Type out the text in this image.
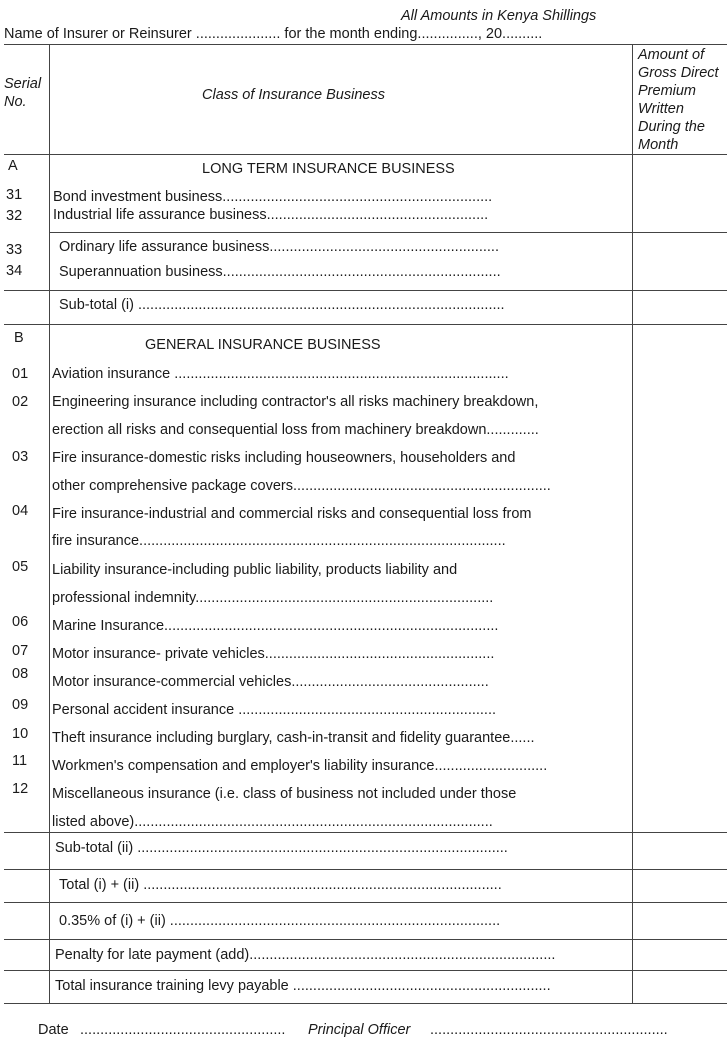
All Amounts in Kenya Shillings
Name of Insurer or Reinsurer ..................... for the month ending..............., 20..........
Serial
No.	Class of Insurance Business
Amount of Gross Direct Premium Written During the Month
A	LONG TERM INSURANCE BUSINESS
31 Bond investment business...................................................................
32 Industrial life assurance business.......................................................
33	Ordinary life assurance business.........................................................
34	Superannuation business.....................................................................
Sub-total (i) ...........................................................................................
B	GENERAL INSURANCE BUSINESS
01 Aviation insurance ...................................................................................
02 Engineering insurance including contractor's all risks machinery breakdown,
erection all risks and consequential loss from machinery breakdown.............
03 Fire insurance-domestic risks including houseowners, householders and
other comprehensive package covers................................................................
04 Fire insurance-industrial and commercial risks and consequential loss from
fire insurance...........................................................................................
05 Liability insurance-including public liability, products liability and
professional indemnity..........................................................................
06 Marine Insurance...................................................................................
07 Motor insurance- private vehicles.........................................................
08 Motor insurance-commercial vehicles.................................................
09 Personal accident insurance ................................................................
10 Theft insurance including burglary, cash-in-transit and fidelity guarantee......
11 Workmen's compensation and employer's liability insurance............................
12 Miscellaneous insurance (i.e. class of business not included under those
listed above).........................................................................................
Sub-total (ii) ............................................................................................
Total (i) + (ii) .........................................................................................
0.35% of (i) + (ii) ..................................................................................
Penalty for late payment (add)............................................................................
Total insurance training levy payable ................................................................
Date ................................................... Principal Officer ...........................................................
